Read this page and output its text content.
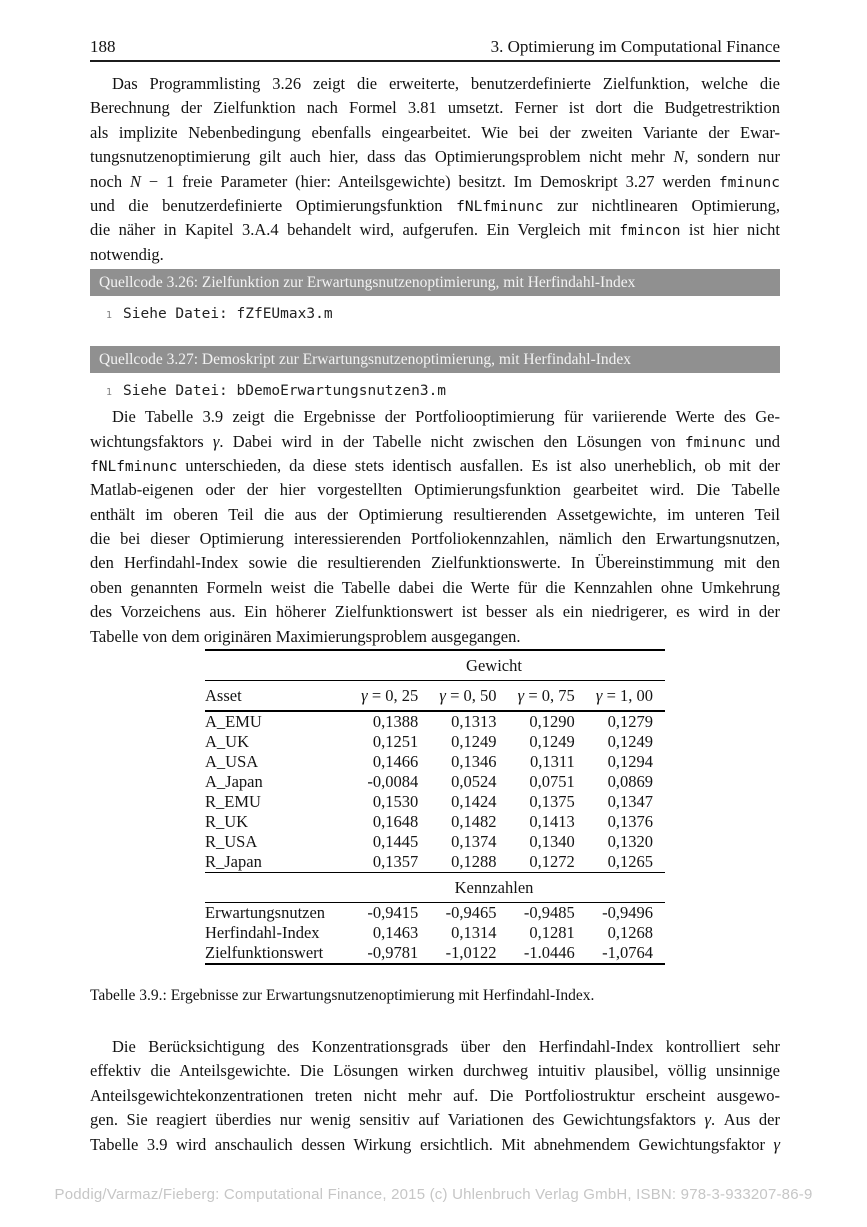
188	3. Optimierung im Computational Finance
Das Programmlisting 3.26 zeigt die erweiterte, benutzerdefinierte Zielfunktion, welche die
Berechnung der Zielfunktion nach Formel 3.81 umsetzt. Ferner ist dort die Budgetrestriktion
als implizite Nebenbedingung ebenfalls eingearbeitet. Wie bei der zweiten Variante der Ewar-
tungsnutzenoptimierung gilt auch hier, dass das Optimierungsproblem nicht mehr N, sondern nur
noch N − 1 freie Parameter (hier: Anteilsgewichte) besitzt. Im Demoskript 3.27 werden fminunc
und die benutzerdefinierte Optimierungsfunktion fNLfminunc zur nichtlinearen Optimierung,
die näher in Kapitel 3.A.4 behandelt wird, aufgerufen. Ein Vergleich mit fmincon ist hier nicht
notwendig.
Quellcode 3.26: Zielfunktion zur Erwartungsnutzenoptimierung, mit Herfindahl-Index
1 Siehe Datei: fZfEUmax3.m
Quellcode 3.27: Demoskript zur Erwartungsnutzenoptimierung, mit Herfindahl-Index
1 Siehe Datei: bDemoErwartungsnutzen3.m
Die Tabelle 3.9 zeigt die Ergebnisse der Portfoliooptimierung für variierende Werte des Ge-
wichtungsfaktors γ. Dabei wird in der Tabelle nicht zwischen den Lösungen von fminunc und
fNLfminunc unterschieden, da diese stets identisch ausfallen. Es ist also unerheblich, ob mit der
Matlab-eigenen oder der hier vorgestellten Optimierungsfunktion gearbeitet wird. Die Tabelle
enthält im oberen Teil die aus der Optimierung resultierenden Assetgewichte, im unteren Teil
die bei dieser Optimierung interessierenden Portfoliokennzahlen, nämlich den Erwartungsnutzen,
den Herfindahl-Index sowie die resultierenden Zielfunktionswerte. In Übereinstimmung mit den
oben genannten Formeln weist die Tabelle dabei die Werte für die Kennzahlen ohne Umkehrung
des Vorzeichens aus. Ein höherer Zielfunktionswert ist besser als ein niedrigerer, es wird in der
Tabelle von dem originären Maximierungsproblem ausgegangen.
Gewicht
Asset	γ = 0, 25	γ = 0, 50	γ = 0, 75	γ = 1, 00
A_EMU	0,1388	0,1313	0,1290	0,1279
A_UK	0,1251	0,1249	0,1249	0,1249
A_USA	0,1466	0,1346	0,1311	0,1294
A_Japan	-0,0084	0,0524	0,0751	0,0869
R_EMU	0,1530	0,1424	0,1375	0,1347
R_UK	0,1648	0,1482	0,1413	0,1376
R_USA	0,1445	0,1374	0,1340	0,1320
R_Japan	0,1357	0,1288	0,1272	0,1265
Kennzahlen
Erwartungsnutzen	-0,9415	-0,9465	-0,9485	-0,9496
Herfindahl-Index	0,1463	0,1314	0,1281	0,1268
Zielfunktionswert	-0,9781	-1,0122	-1.0446	-1,0764
Tabelle 3.9.: Ergebnisse zur Erwartungsnutzenoptimierung mit Herfindahl-Index.
Die Berücksichtigung des Konzentrationsgrads über den Herfindahl-Index kontrolliert sehr
effektiv die Anteilsgewichte. Die Lösungen wirken durchweg intuitiv plausibel, völlig unsinnige
Anteilsgewichtekonzentrationen treten nicht mehr auf. Die Portfoliostruktur erscheint ausgewo-
gen. Sie reagiert überdies nur wenig sensitiv auf Variationen des Gewichtungsfaktors γ. Aus der
Tabelle 3.9 wird anschaulich dessen Wirkung ersichtlich. Mit abnehmendem Gewichtungsfaktor γ
Poddig/Varmaz/Fieberg: Computational Finance, 2015 (c) Uhlenbruch Verlag GmbH, ISBN: 978-3-933207-86-9
